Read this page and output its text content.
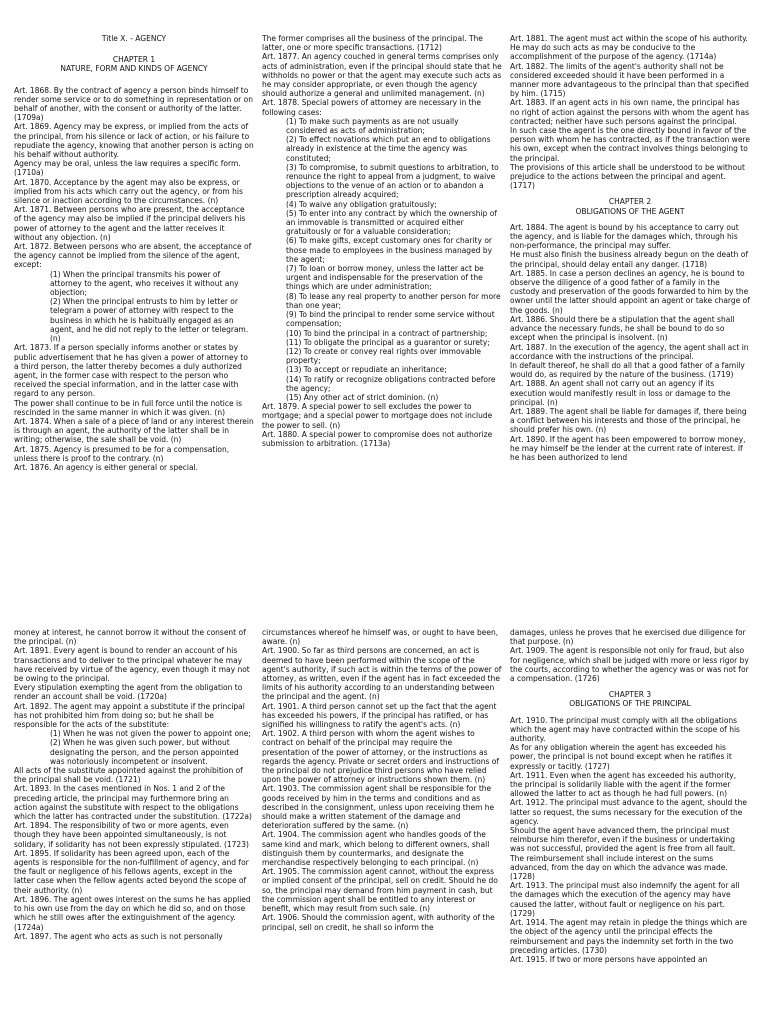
Title X. - AGENCY
CHAPTER 1
NATURE, FORM AND KINDS OF AGENCY
Art. 1868. By the contract of agency a person binds himself to render some service or to do something in representation or on behalf of another, with the consent or authority of the latter. (1709a)
Art. 1869. Agency may be express, or implied from the acts of the principal, from his silence or lack of action, or his failure to repudiate the agency, knowing that another person is acting on his behalf without authority.
Agency may be oral, unless the law requires a specific form. (1710a)
Art. 1870. Acceptance by the agent may also be express, or implied from his acts which carry out the agency, or from his silence or inaction according to the circumstances. (n)
Art. 1871. Between persons who are present, the acceptance of the agency may also be implied if the principal delivers his power of attorney to the agent and the latter receives it without any objection. (n)
Art. 1872. Between persons who are absent, the acceptance of the agency cannot be implied from the silence of the agent, except:
(1) When the principal transmits his power of attorney to the agent, who receives it without any objection;
(2) When the principal entrusts to him by letter or telegram a power of attorney with respect to the business in which he is habitually engaged as an agent, and he did not reply to the letter or telegram. (n)
Art. 1873. If a person specially informs another or states by public advertisement that he has given a power of attorney to a third person, the latter thereby becomes a duly authorized agent, in the former case with respect to the person who received the special information, and in the latter case with regard to any person.
The power shall continue to be in full force until the notice is rescinded in the same manner in which it was given. (n)
Art. 1874. When a sale of a piece of land or any interest therein is through an agent, the authority of the latter shall be in writing; otherwise, the sale shall be void. (n)
Art. 1875. Agency is presumed to be for a compensation, unless there is proof to the contrary. (n)
Art. 1876. An agency is either general or special.
The former comprises all the business of the principal. The latter, one or more specific transactions. (1712)
Art. 1877. An agency couched in general terms comprises only acts of administration, even if the principal should state that he withholds no power or that the agent may execute such acts as he may consider appropriate, or even though the agency should authorize a general and unlimited management. (n)
Art. 1878. Special powers of attorney are necessary in the following cases:
(1) To make such payments as are not usually considered as acts of administration;
(2) To effect novations which put an end to obligations already in existence at the time the agency was constituted;
(3) To compromise, to submit questions to arbitration, to renounce the right to appeal from a judgment, to waive objections to the venue of an action or to abandon a prescription already acquired;
(4) To waive any obligation gratuitously;
(5) To enter into any contract by which the ownership of an immovable is transmitted or acquired either gratuitously or for a valuable consideration;
(6) To make gifts, except customary ones for charity or those made to employees in the business managed by the agent;
(7) To loan or borrow money, unless the latter act be urgent and indispensable for the preservation of the things which are under administration;
(8) To lease any real property to another person for more than one year;
(9) To bind the principal to render some service without compensation;
(10) To bind the principal in a contract of partnership;
(11) To obligate the principal as a guarantor or surety;
(12) To create or convey real rights over immovable property;
(13) To accept or repudiate an inheritance;
(14) To ratify or recognize obligations contracted before the agency;
(15) Any other act of strict dominion. (n)
Art. 1879. A special power to sell excludes the power to mortgage; and a special power to mortgage does not include the power to sell. (n)
Art. 1880. A special power to compromise does not authorize submission to arbitration. (1713a)
Art. 1881. The agent must act within the scope of his authority. He may do such acts as may be conducive to the accomplishment of the purpose of the agency. (1714a)
Art. 1882. The limits of the agent's authority shall not be considered exceeded should it have been performed in a manner more advantageous to the principal than that specified by him. (1715)
Art. 1883. If an agent acts in his own name, the principal has no right of action against the persons with whom the agent has contracted; neither have such persons against the principal.
In such case the agent is the one directly bound in favor of the person with whom he has contracted, as if the transaction were his own, except when the contract involves things belonging to the principal.
The provisions of this article shall be understood to be without prejudice to the actions between the principal and agent. (1717)
CHAPTER 2
OBLIGATIONS OF THE AGENT
Art. 1884. The agent is bound by his acceptance to carry out the agency, and is liable for the damages which, through his non-performance, the principal may suffer.
He must also finish the business already begun on the death of the principal, should delay entail any danger. (1718)
Art. 1885. In case a person declines an agency, he is bound to observe the diligence of a good father of a family in the custody and preservation of the goods forwarded to him by the owner until the latter should appoint an agent or take charge of the goods. (n)
Art. 1886. Should there be a stipulation that the agent shall advance the necessary funds, he shall be bound to do so except when the principal is insolvent. (n)
Art. 1887. In the execution of the agency, the agent shall act in accordance with the instructions of the principal.
In default thereof, he shall do all that a good father of a family would do, as required by the nature of the business. (1719)
Art. 1888. An agent shall not carry out an agency if its execution would manifestly result in loss or damage to the principal. (n)
Art. 1889. The agent shall be liable for damages if, there being a conflict between his interests and those of the principal, he should prefer his own. (n)
Art. 1890. If the agent has been empowered to borrow money, he may himself be the lender at the current rate of interest. If he has been authorized to lend
money at interest, he cannot borrow it without the consent of the principal. (n)
Art. 1891. Every agent is bound to render an account of his transactions and to deliver to the principal whatever he may have received by virtue of the agency, even though it may not be owing to the principal.
Every stipulation exempting the agent from the obligation to render an account shall be void. (1720a)
Art. 1892. The agent may appoint a substitute if the principal has not prohibited him from doing so; but he shall be responsible for the acts of the substitute:
(1) When he was not given the power to appoint one;
(2) When he was given such power, but without designating the person, and the person appointed was notoriously incompetent or insolvent.
All acts of the substitute appointed against the prohibition of the principal shall be void. (1721)
Art. 1893. In the cases mentioned in Nos. 1 and 2 of the preceding article, the principal may furthermore bring an action against the substitute with respect to the obligations which the latter has contracted under the substitution. (1722a)
Art. 1894. The responsibility of two or more agents, even though they have been appointed simultaneously, is not solidary, if solidarity has not been expressly stipulated. (1723)
Art. 1895. If solidarity has been agreed upon, each of the agents is responsible for the non-fulfillment of agency, and for the fault or negligence of his fellows agents, except in the latter case when the fellow agents acted beyond the scope of their authority. (n)
Art. 1896. The agent owes interest on the sums he has applied to his own use from the day on which he did so, and on those which he still owes after the extinguishment of the agency. (1724a)
Art. 1897. The agent who acts as such is not personally
circumstances whereof he himself was, or ought to have been, aware. (n)
Art. 1900. So far as third persons are concerned, an act is deemed to have been performed within the scope of the agent's authority, if such act is within the terms of the power of attorney, as written, even if the agent has in fact exceeded the limits of his authority according to an understanding between the principal and the agent. (n)
Art. 1901. A third person cannot set up the fact that the agent has exceeded his powers, if the principal has ratified, or has signified his willingness to ratify the agent's acts. (n)
Art. 1902. A third person with whom the agent wishes to contract on behalf of the principal may require the presentation of the power of attorney, or the instructions as regards the agency. Private or secret orders and instructions of the principal do not prejudice third persons who have relied upon the power of attorney or instructions shown them. (n)
Art. 1903. The commission agent shall be responsible for the goods received by him in the terms and conditions and as described in the consignment, unless upon receiving them he should make a written statement of the damage and deterioration suffered by the same. (n)
Art. 1904. The commission agent who handles goods of the same kind and mark, which belong to different owners, shall distinguish them by countermarks, and designate the merchandise respectively belonging to each principal. (n)
Art. 1905. The commission agent cannot, without the express or implied consent of the principal, sell on credit. Should he do so, the principal may demand from him payment in cash, but the commission agent shall be entitled to any interest or benefit, which may result from such sale. (n)
Art. 1906. Should the commission agent, with authority of the principal, sell on credit, he shall so inform the
damages, unless he proves that he exercised due diligence for that purpose. (n)
Art. 1909. The agent is responsible not only for fraud, but also for negligence, which shall be judged with more or less rigor by the courts, according to whether the agency was or was not for a compensation. (1726)
CHAPTER 3
OBLIGATIONS OF THE PRINCIPAL
Art. 1910. The principal must comply with all the obligations which the agent may have contracted within the scope of his authority.
As for any obligation wherein the agent has exceeded his power, the principal is not bound except when he ratifies it expressly or tacitly. (1727)
Art. 1911. Even when the agent has exceeded his authority, the principal is solidarily liable with the agent if the former allowed the latter to act as though he had full powers. (n)
Art. 1912. The principal must advance to the agent, should the latter so request, the sums necessary for the execution of the agency.
Should the agent have advanced them, the principal must reimburse him therefor, even if the business or undertaking was not successful, provided the agent is free from all fault.
The reimbursement shall include interest on the sums advanced, from the day on which the advance was made. (1728)
Art. 1913. The principal must also indemnify the agent for all the damages which the execution of the agency may have caused the latter, without fault or negligence on his part. (1729)
Art. 1914. The agent may retain in pledge the things which are the object of the agency until the principal effects the reimbursement and pays the indemnity set forth in the two preceding articles. (1730)
Art. 1915. If two or more persons have appointed an
